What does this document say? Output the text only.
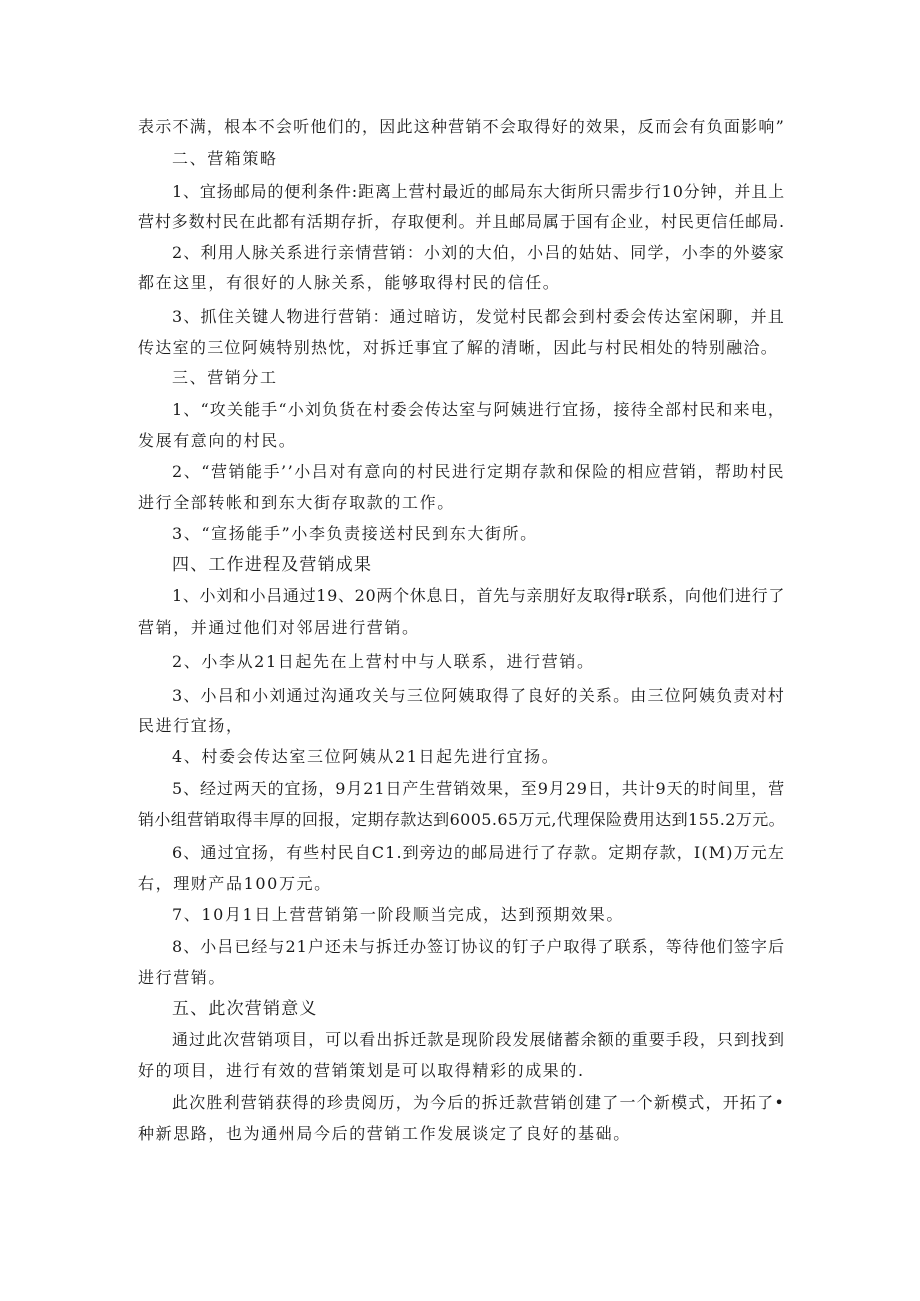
表示不满，根本不会听他们的，因此这种营销不会取得好的效果，反而会有负面影响”
二、营箱策略
1、宜扬邮局的便利条件:距离上营村最近的邮局东大街所只需步行10分钟，并且上
营村多数村民在此都有活期存折，存取便利。并且邮局属于国有企业，村民更信任邮局.
2、利用人脉关系进行亲情营销：小刘的大伯，小吕的姑姑、同学，小李的外婆家
都在这里，有很好的人脉关系，能够取得村民的信任。
3、抓住关键人物进行营销：通过暗访，发觉村民都会到村委会传达室闲聊，并且
传达室的三位阿姨特别热忱，对拆迁事宜了解的清晰，因此与村民相处的特别融洽。
三、营销分工
1、“攻关能手“小刘负货在村委会传达室与阿姨进行宜扬，接待全部村民和来电，
发展有意向的村民。
2、“营销能手’’小吕对有意向的村民进行定期存款和保险的相应营销，帮助村民
进行全部转帐和到东大街存取款的工作。
3、“宣扬能手”小李负责接送村民到东大街所。
四、工作进程及营销成果
1、小刘和小吕通过19、20两个休息日，首先与亲朋好友取得r联系，向他们进行了
营销，并通过他们对邻居进行营销。
2、小李从21日起先在上营村中与人联系，进行营销。
3、小吕和小刘通过沟通攻关与三位阿姨取得了良好的关系。由三位阿姨负责对村
民进行宜扬，
4、村委会传达室三位阿姨从21日起先进行宜扬。
5、经过两天的宜扬，9月21日产生营销效果，至9月29日，共计9天的时间里，营
销小组营销取得丰厚的回报，定期存款达到6005.65万元,代理保险费用达到155.2万元。
6、通过宜扬，有些村民自C1.到旁边的邮局进行了存款。定期存款，I(M)万元左
右，理财产品100万元。
7、10月1日上营营销第一阶段顺当完成，达到预期效果。
8、小吕已经与21户还未与拆迁办签订协议的钉子户取得了联系，等待他们签字后
进行营销。
五、此次营销意义
通过此次营销项目，可以看出拆迁款是现阶段发展储蓄余额的重要手段，只到找到
好的项目，进行有效的营销策划是可以取得精彩的成果的.
此次胜利营销获得的珍贵阅历，为今后的拆迁款营销创建了一个新模式，开拓了•
种新思路，也为通州局今后的营销工作发展谈定了良好的基础。
